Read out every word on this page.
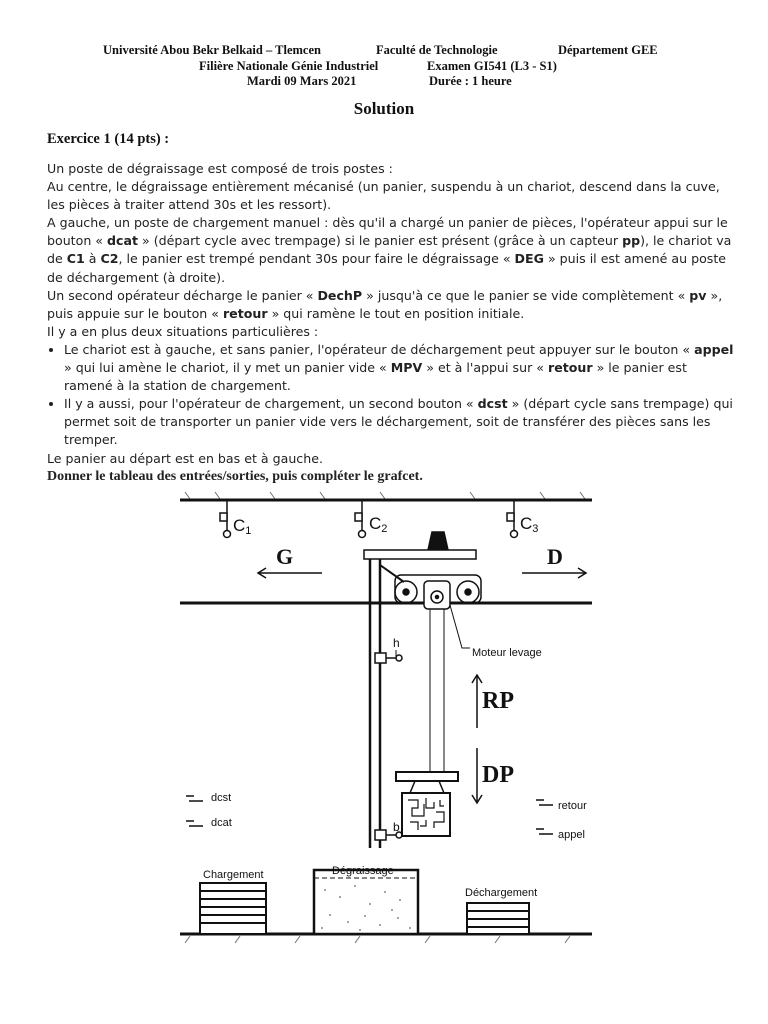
Université Abou Bekr Belkaid – Tlemcen	Faculté de Technologie	Département GEE
Filière Nationale Génie Industriel	Examen GI541 (L3 - S1)
Mardi 09 Mars 2021	Durée : 1 heure
Solution
Exercice 1 (14 pts) :

Un poste de dégraissage est composé de trois postes :

Au centre, le dégraissage entièrement mécanisé (un panier, suspendu à un chariot, descend dans la cuve, les pièces à traiter attend 30s et les ressort).

A gauche, un poste de chargement manuel : dès qu'il a chargé un panier de pièces, l'opérateur appui sur le bouton « dcat » (départ cycle avec trempage) si le panier est présent (grâce à un capteur pp), le chariot va de C1 à C2, le panier est trempé pendant 30s pour faire le dégraissage « DEG » puis il est amené au poste de déchargement (à droite).

Un second opérateur décharge le panier « DechP » jusqu'à ce que le panier se vide complètement « pv », puis appuie sur le bouton « retour » qui ramène le tout en position initiale.

Il y a en plus deux situations particulières :

• Le chariot est à gauche, et sans panier, l'opérateur de déchargement peut appuyer sur le bouton « appel » qui lui amène le chariot, il y met un panier vide « MPV » et à l'appui sur « retour » le panier est ramené à la station de chargement.
• Il y a aussi, pour l'opérateur de chargement, un second bouton « dcst » (départ cycle sans trempage) qui permet soit de transporter un panier vide vers le déchargement, soit de transférer des pièces sans les tremper.

Le panier au départ est en bas et à gauche.

Donner le tableau des entrées/sorties, puis compléter le grafcet.

C1	C2	C3
G	D
h
b
Moteur levage
RP
DP
dcst
dcat
retour
appel
Chargement	Dégraissage
Déchargement
